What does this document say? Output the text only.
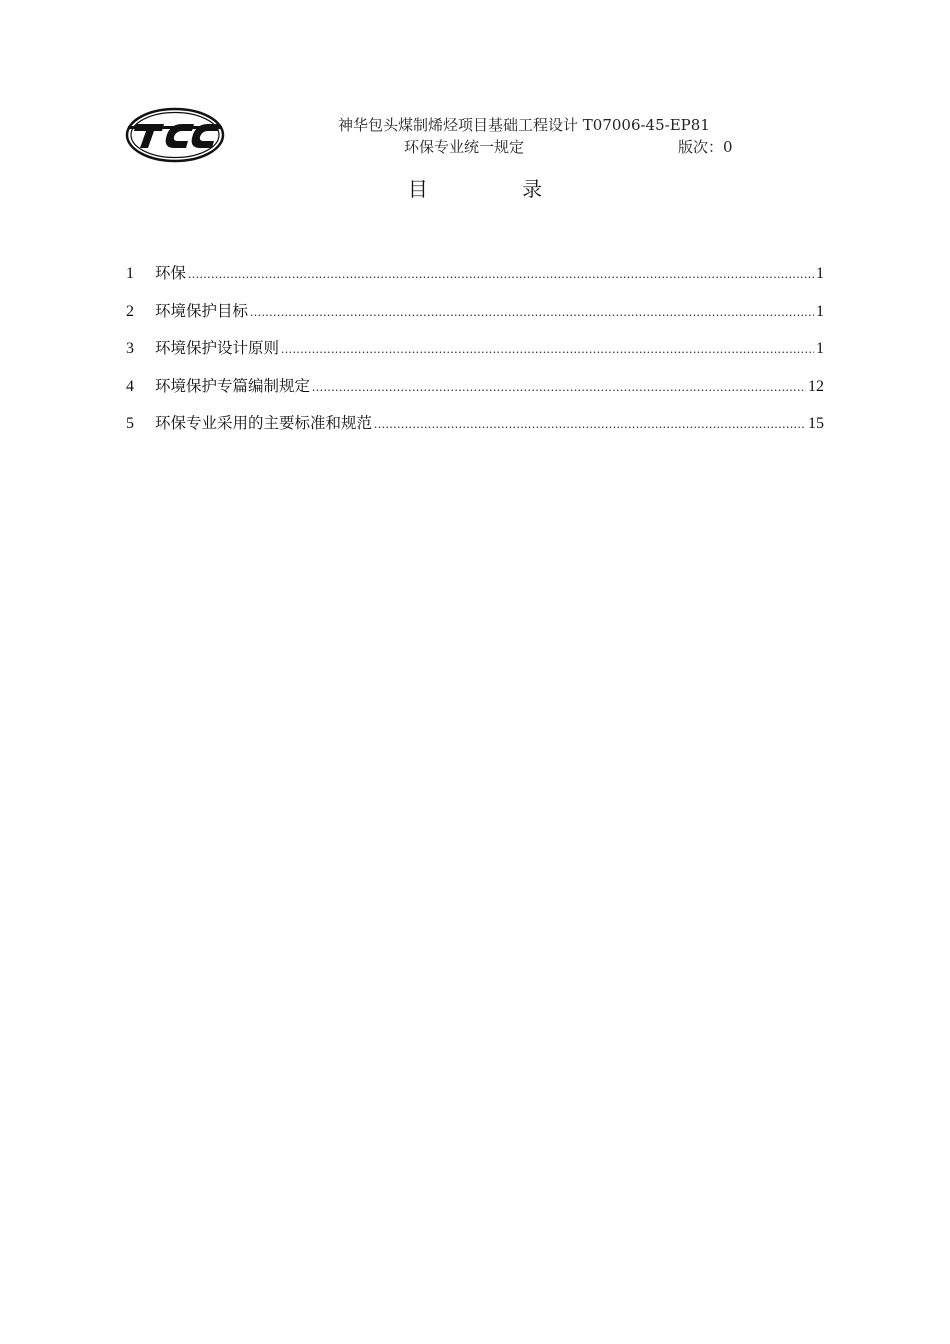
神华包头煤制烯烃项目基础工程设计 T07006-45-EP81
环保专业统一规定	版次：0
目 录
1	环保 .....	1
2	环境保护目标 .....	1
3	环境保护设计原则 .....	1
4	环境保护专篇编制规定 .....	12
5	环保专业采用的主要标准和规范 .....	15
